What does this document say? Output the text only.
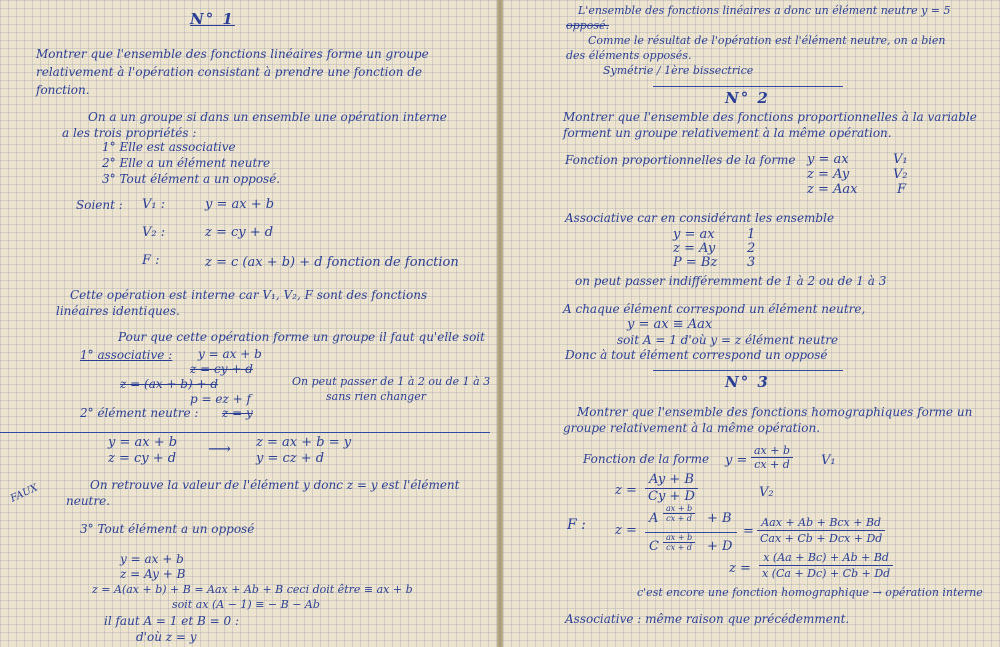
N° 1
Montrer que l'ensemble des fonctions linéaires forme un groupe
relativement à l'opération consistant à prendre une fonction de
fonction.
On a un groupe si dans un ensemble une opération interne
a les trois propriétés :
1° Elle est associative
2° Elle a un élément neutre
3° Tout élément a un opposé.
Soient : V₁ :	y = ax + b
V₂ :	z = cy + d
F :	z = c (ax + b) + d fonction de fonction
Cette opération est interne car V₁, V₂, F sont des fonctions
linéaires identiques.
Pour que cette opération forme un groupe il faut qu'elle soit
1° associative : y = ax + b
z = cy + d
z = (ax + b) + d
p = ez + f
On peut passer de 1 à 2 ou de 1 à 3
sans rien changer
2° élément neutre : z = y
y = ax + b
z = cy + d
⟶ z = ax + b = y
y = cz + d
FAUX	On retrouve la valeur de l'élément y donc z = y est l'élément
neutre.
3° Tout élément a un opposé
y = ax + b
z = Ay + B
z = A(ax + b) + B = Aax + Ab + B ceci doit être ≡ ax + b
soit ax (A − 1) ≡ − B − Ab
il faut A = 1 et B = 0 :
d'où z = y
L'ensemble des fonctions linéaires a donc un élément neutre y = 5
opposé.
Comme le résultat de l'opération est l'élément neutre, on a bien
des éléments opposés.
Symétrie / 1ère bissectrice
N° 2
Montrer que l'ensemble des fonctions proportionnelles à la variable
forment un groupe relativement à la même opération.
Fonction proportionnelles de la forme y = ax	V₁
z = Ay	V₂
z = Aax	F
Associative car en considérant les ensemble
y = ax 1
z = Ay 2
P = Bz 3
on peut passer indifféremment de 1 à 2 ou de 1 à 3
A chaque élément correspond un élément neutre,
y = ax ≡ Aax
soit A = 1 d'où y = z élément neutre
Donc à tout élément correspond un opposé
N° 3
Montrer que l'ensemble des fonctions homographiques forme un
groupe relativement à la même opération.
Fonction de la forme $y = \frac{ax + b}{cx + d} V_1$
$z = \frac{Ay + B}{Cy + D}$	V₂
F : z =
A $\frac{ax + b}{cx + d} + B$
C $\frac{ax + b}{cx + d} + D$
=
Aax + Ab + Bcx + Bd
Cax + Cb + Dcx + Dd
$z = \frac{x (Aa + Bc) + Ab + Bd}{x (Ca + Dc) + Cb + Dd}$
c'est encore une fonction homographique → opération interne
Associative : même raison que précédemment.
